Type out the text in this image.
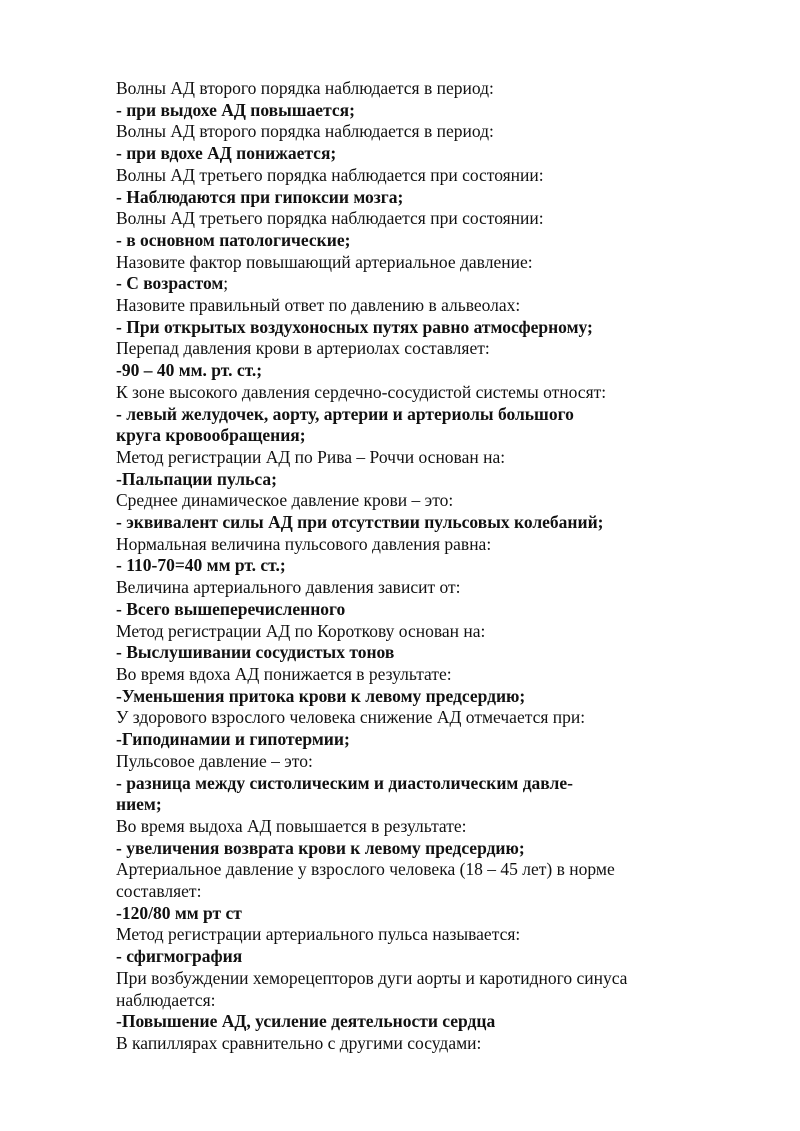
Волны АД второго порядка наблюдается в период:

- при выдохе АД повышается;

Волны АД второго порядка наблюдается в период:

- при вдохе АД понижается;

Волны АД третьего порядка наблюдается при состоянии:

- Наблюдаются при гипоксии мозга;

Волны АД третьего порядка наблюдается при состоянии:

- в основном патологические;

Назовите фактор повышающий артериальное давление:

- С возрастом;

Назовите правильный ответ по давлению в альвеолах:

- При открытых воздухоносных путях равно атмосферному;

Перепад давления крови в артериолах составляет:

-90 – 40 мм. рт. ст.;

К зоне высокого давления сердечно-сосудистой системы относят:

- левый желудочек, аорту, артерии и артериолы большого

круга кровообращения;

Метод регистрации АД по Рива – Роччи основан на:

-Пальпации пульса;

Среднее динамическое давление крови – это:

- эквивалент силы АД при отсутствии пульсовых колебаний;

Нормальная величина пульсового давления равна:

- 110-70=40 мм рт. ст.;

Величина артериального давления зависит от:

- Всего вышеперечисленного

Метод регистрации АД по Короткову основан на:

- Выслушивании сосудистых тонов

Во время вдоха АД понижается в результате:

-Уменьшения притока крови к левому предсердию;

У здорового взрослого человека снижение АД отмечается при:

-Гиподинамии и гипотермии;

Пульсовое давление – это:

- разница между систолическим и диастолическим давле-

нием;

Во время выдоха АД повышается в результате:

- увеличения возврата крови к левому предсердию;

Артериальное давление у взрослого человека (18 – 45 лет) в норме

составляет:

-120/80 мм рт ст

Метод регистрации артериального пульса называется:

- сфигмография

При возбуждении хеморецепторов дуги аорты и каротидного синуса

наблюдается:

-Повышение АД, усиление деятельности сердца

В капиллярах сравнительно с другими сосудами:
